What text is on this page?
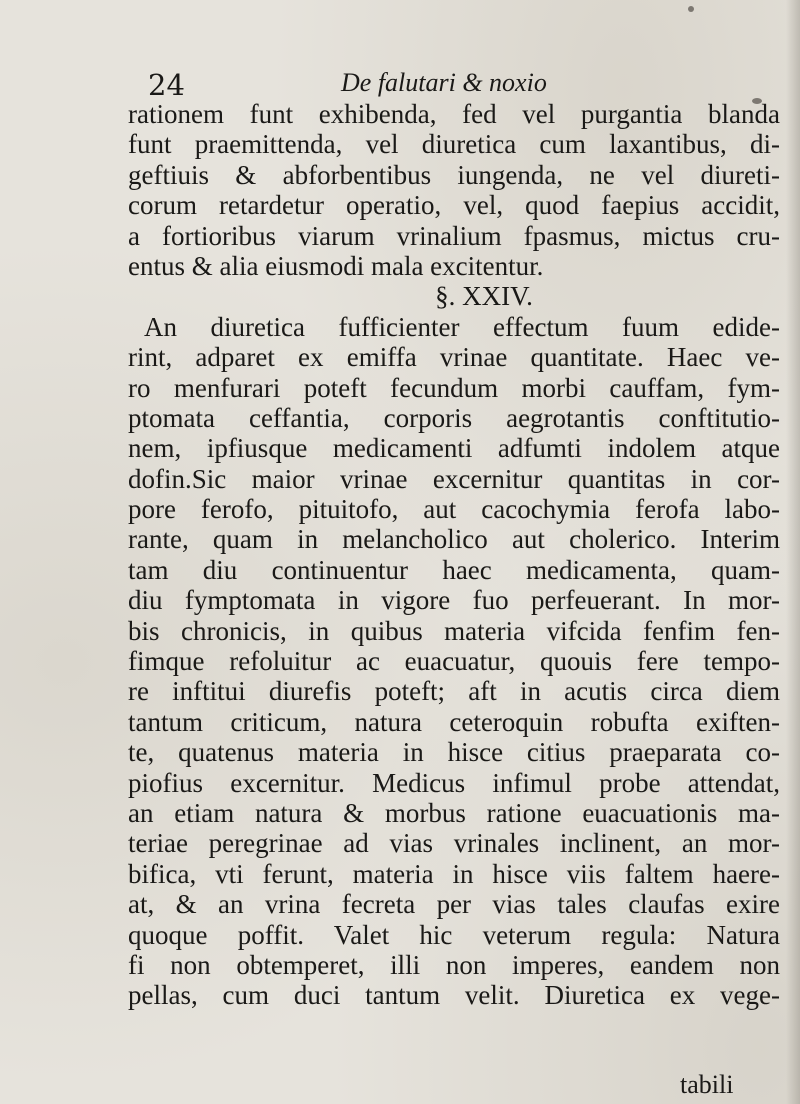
24	De falutari & noxio
rationem funt exhibenda, fed vel purgantia blanda
funt praemittenda, vel diuretica cum laxantibus, di-
geftiuis & abforbentibus iungenda, ne vel diureti-
corum retardetur operatio, vel, quod faepius accidit,
a fortioribus viarum vrinalium fpasmus, mictus cru-
entus & alia eiusmodi mala excitentur.
§. XXIV.
An diuretica fufficienter effectum fuum edide-
rint, adparet ex emiffa vrinae quantitate. Haec ve-
ro menfurari poteft fecundum morbi cauffam, fym-
ptomata ceffantia, corporis aegrotantis conftitutio-
nem, ipfiusque medicamenti adfumti indolem atque
dofin.Sic maior vrinae excernitur quantitas in cor-
pore ferofo, pituitofo, aut cacochymia ferofa labo-
rante, quam in melancholico aut cholerico. Interim
tam diu continuentur haec medicamenta, quam-
diu fymptomata in vigore fuo perfeuerant. In mor-
bis chronicis, in quibus materia vifcida fenfim fen-
fimque refoluitur ac euacuatur, quouis fere tempo-
re inftitui diurefis poteft; aft in acutis circa diem
tantum criticum, natura ceteroquin robufta exiften-
te, quatenus materia in hisce citius praeparata co-
piofius excernitur. Medicus infimul probe attendat,
an etiam natura & morbus ratione euacuationis ma-
teriae peregrinae ad vias vrinales inclinent, an mor-
bifica, vti ferunt, materia in hisce viis faltem haere-
at, & an vrina fecreta per vias tales claufas exire
quoque poffit. Valet hic veterum regula: Natura
fi non obtemperet, illi non imperes, eandem non
pellas, cum duci tantum velit. Diuretica ex vege-
tabili
